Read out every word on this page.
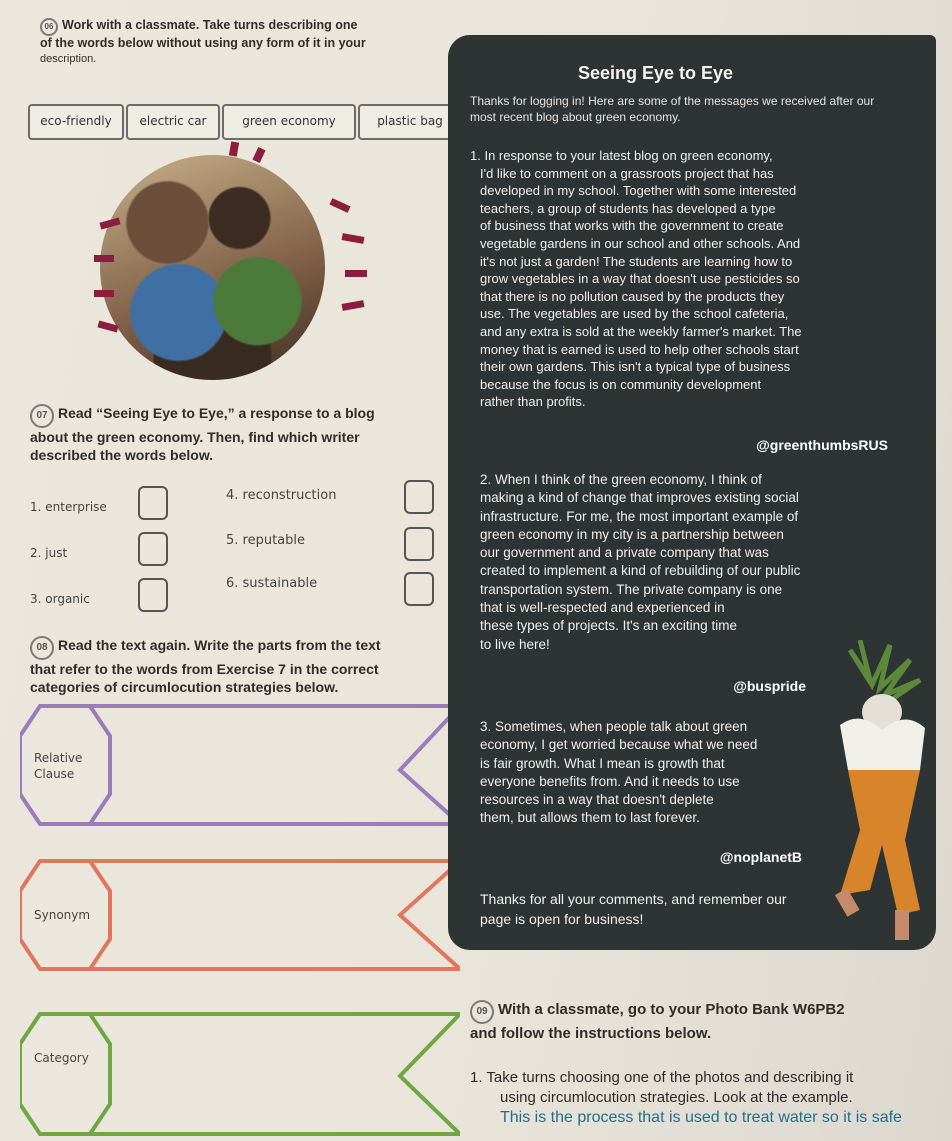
06 Work with a classmate. Take turns describing one
of the words below without using any form of it in your
description.
eco-friendly	electric car	green economy	plastic bag
07 Read “Seeing Eye to Eye,” a response to a blog
about the green economy. Then, find which writer
described the words below.
1. enterprise
2. just
3. organic
4. reconstruction
5. reputable
6. sustainable
08 Read the text again. Write the parts from the text
that refer to the words from Exercise 7 in the correct
categories of circumlocution strategies below.
Relative Clause
Synonym
Category
Seeing Eye to Eye
Thanks for logging in! Here are some of the messages we received after our most recent blog about green economy.
1. In response to your latest blog on green economy,
I'd like to comment on a grassroots project that has
developed in my school. Together with some interested
teachers, a group of students has developed a type
of business that works with the government to create
vegetable gardens in our school and other schools. And
it's not just a garden! The students are learning how to
grow vegetables in a way that doesn't use pesticides so
that there is no pollution caused by the products they
use. The vegetables are used by the school cafeteria,
and any extra is sold at the weekly farmer's market. The
money that is earned is used to help other schools start
their own gardens. This isn't a typical type of business
because the focus is on community development
rather than profits.
@greenthumbsRUS
2. When I think of the green economy, I think of
making a kind of change that improves existing social
infrastructure. For me, the most important example of
green economy in my city is a partnership between
our government and a private company that was
created to implement a kind of rebuilding of our public
transportation system. The private company is one
that is well-respected and experienced in
these types of projects. It's an exciting time
to live here!
@buspride
3. Sometimes, when people talk about green
economy, I get worried because what we need
is fair growth. What I mean is growth that
everyone benefits from. And it needs to use
resources in a way that doesn't deplete
them, but allows them to last forever.
@noplanetB
Thanks for all your comments, and remember our
page is open for business!
09 With a classmate, go to your Photo Bank W6PB2
and follow the instructions below.
1. Take turns choosing one of the photos and describing it
using circumlocution strategies. Look at the example.
This is the process that is used to treat water so it is safe
